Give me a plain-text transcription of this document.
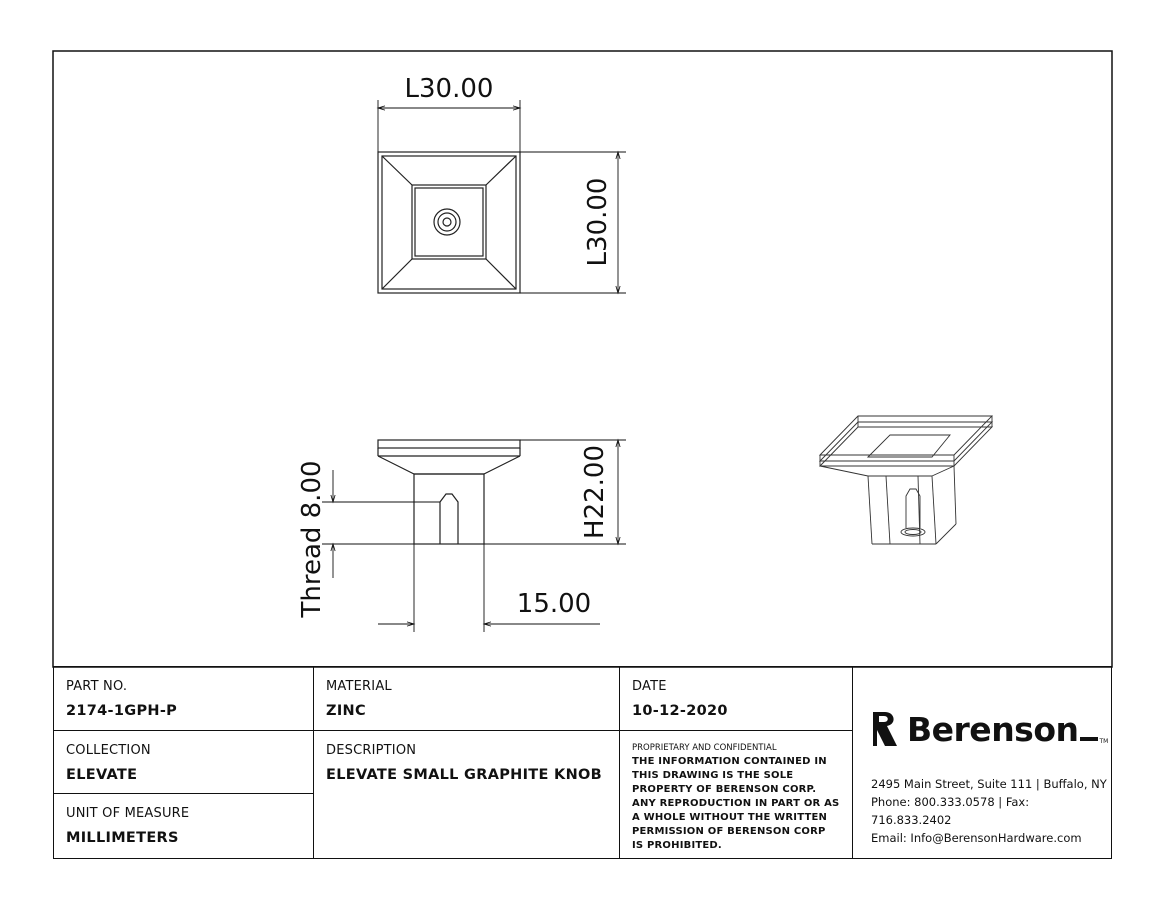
L30.00
L30.00
H22.00
Thread 8.00	15.00
PART NO.
2174-1GPH-P
COLLECTION
ELEVATE
UNIT OF MEASURE
MILLIMETERS
MATERIAL
ZINC
DESCRIPTION
ELEVATE SMALL GRAPHITE KNOB
DATE
10-12-2020
PROPRIETARY AND CONFIDENTIAL
THE INFORMATION CONTAINED IN THIS DRAWING IS THE SOLE PROPERTY OF BERENSON CORP. ANY REPRODUCTION IN PART OR AS A WHOLE WITHOUT THE WRITTEN PERMISSION OF BERENSON CORP IS PROHIBITED.
Berenson	TM
2495 Main Street, Suite 111 | Buffalo, NY
Phone: 800.333.0578 | Fax: 716.833.2402
Email: Info@BerensonHardware.com
